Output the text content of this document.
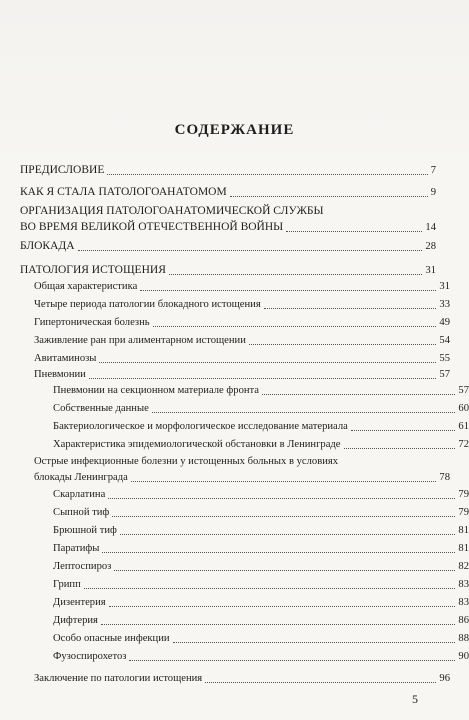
СОДЕРЖАНИЕ
ПРЕДИСЛОВИЕ	7
КАК Я СТАЛА ПАТОЛОГОАНАТОМОМ	9
ОРГАНИЗАЦИЯ ПАТОЛОГОАНАТОМИЧЕСКОЙ СЛУЖБЫ
ВО ВРЕМЯ ВЕЛИКОЙ ОТЕЧЕСТВЕННОЙ ВОЙНЫ	14
БЛОКАДА	28
ПАТОЛОГИЯ ИСТОЩЕНИЯ	31
Общая характеристика	31
Четыре периода патологии блокадного истощения	33
Гипертоническая болезнь	49
Заживление ран при алиментарном истощении	54
Авитаминозы	55
Пневмонии	57
Пневмонии на секционном материале фронта	57
Собственные данные	60
Бактериологическое и морфологическое исследование материала	61
Характеристика эпидемиологической обстановки в Ленинграде	72
Острые инфекционные болезни у истощенных больных в условиях
блокады Ленинграда	78
Скарлатина	79
Сыпной тиф	79
Брюшной тиф	81
Паратифы	81
Лептоспироз	82
Грипп	83
Дизентерия	83
Дифтерия	86
Особо опасные инфекции	88
Фузоспирохетоз	90
Заключение по патологии истощения	96
5
